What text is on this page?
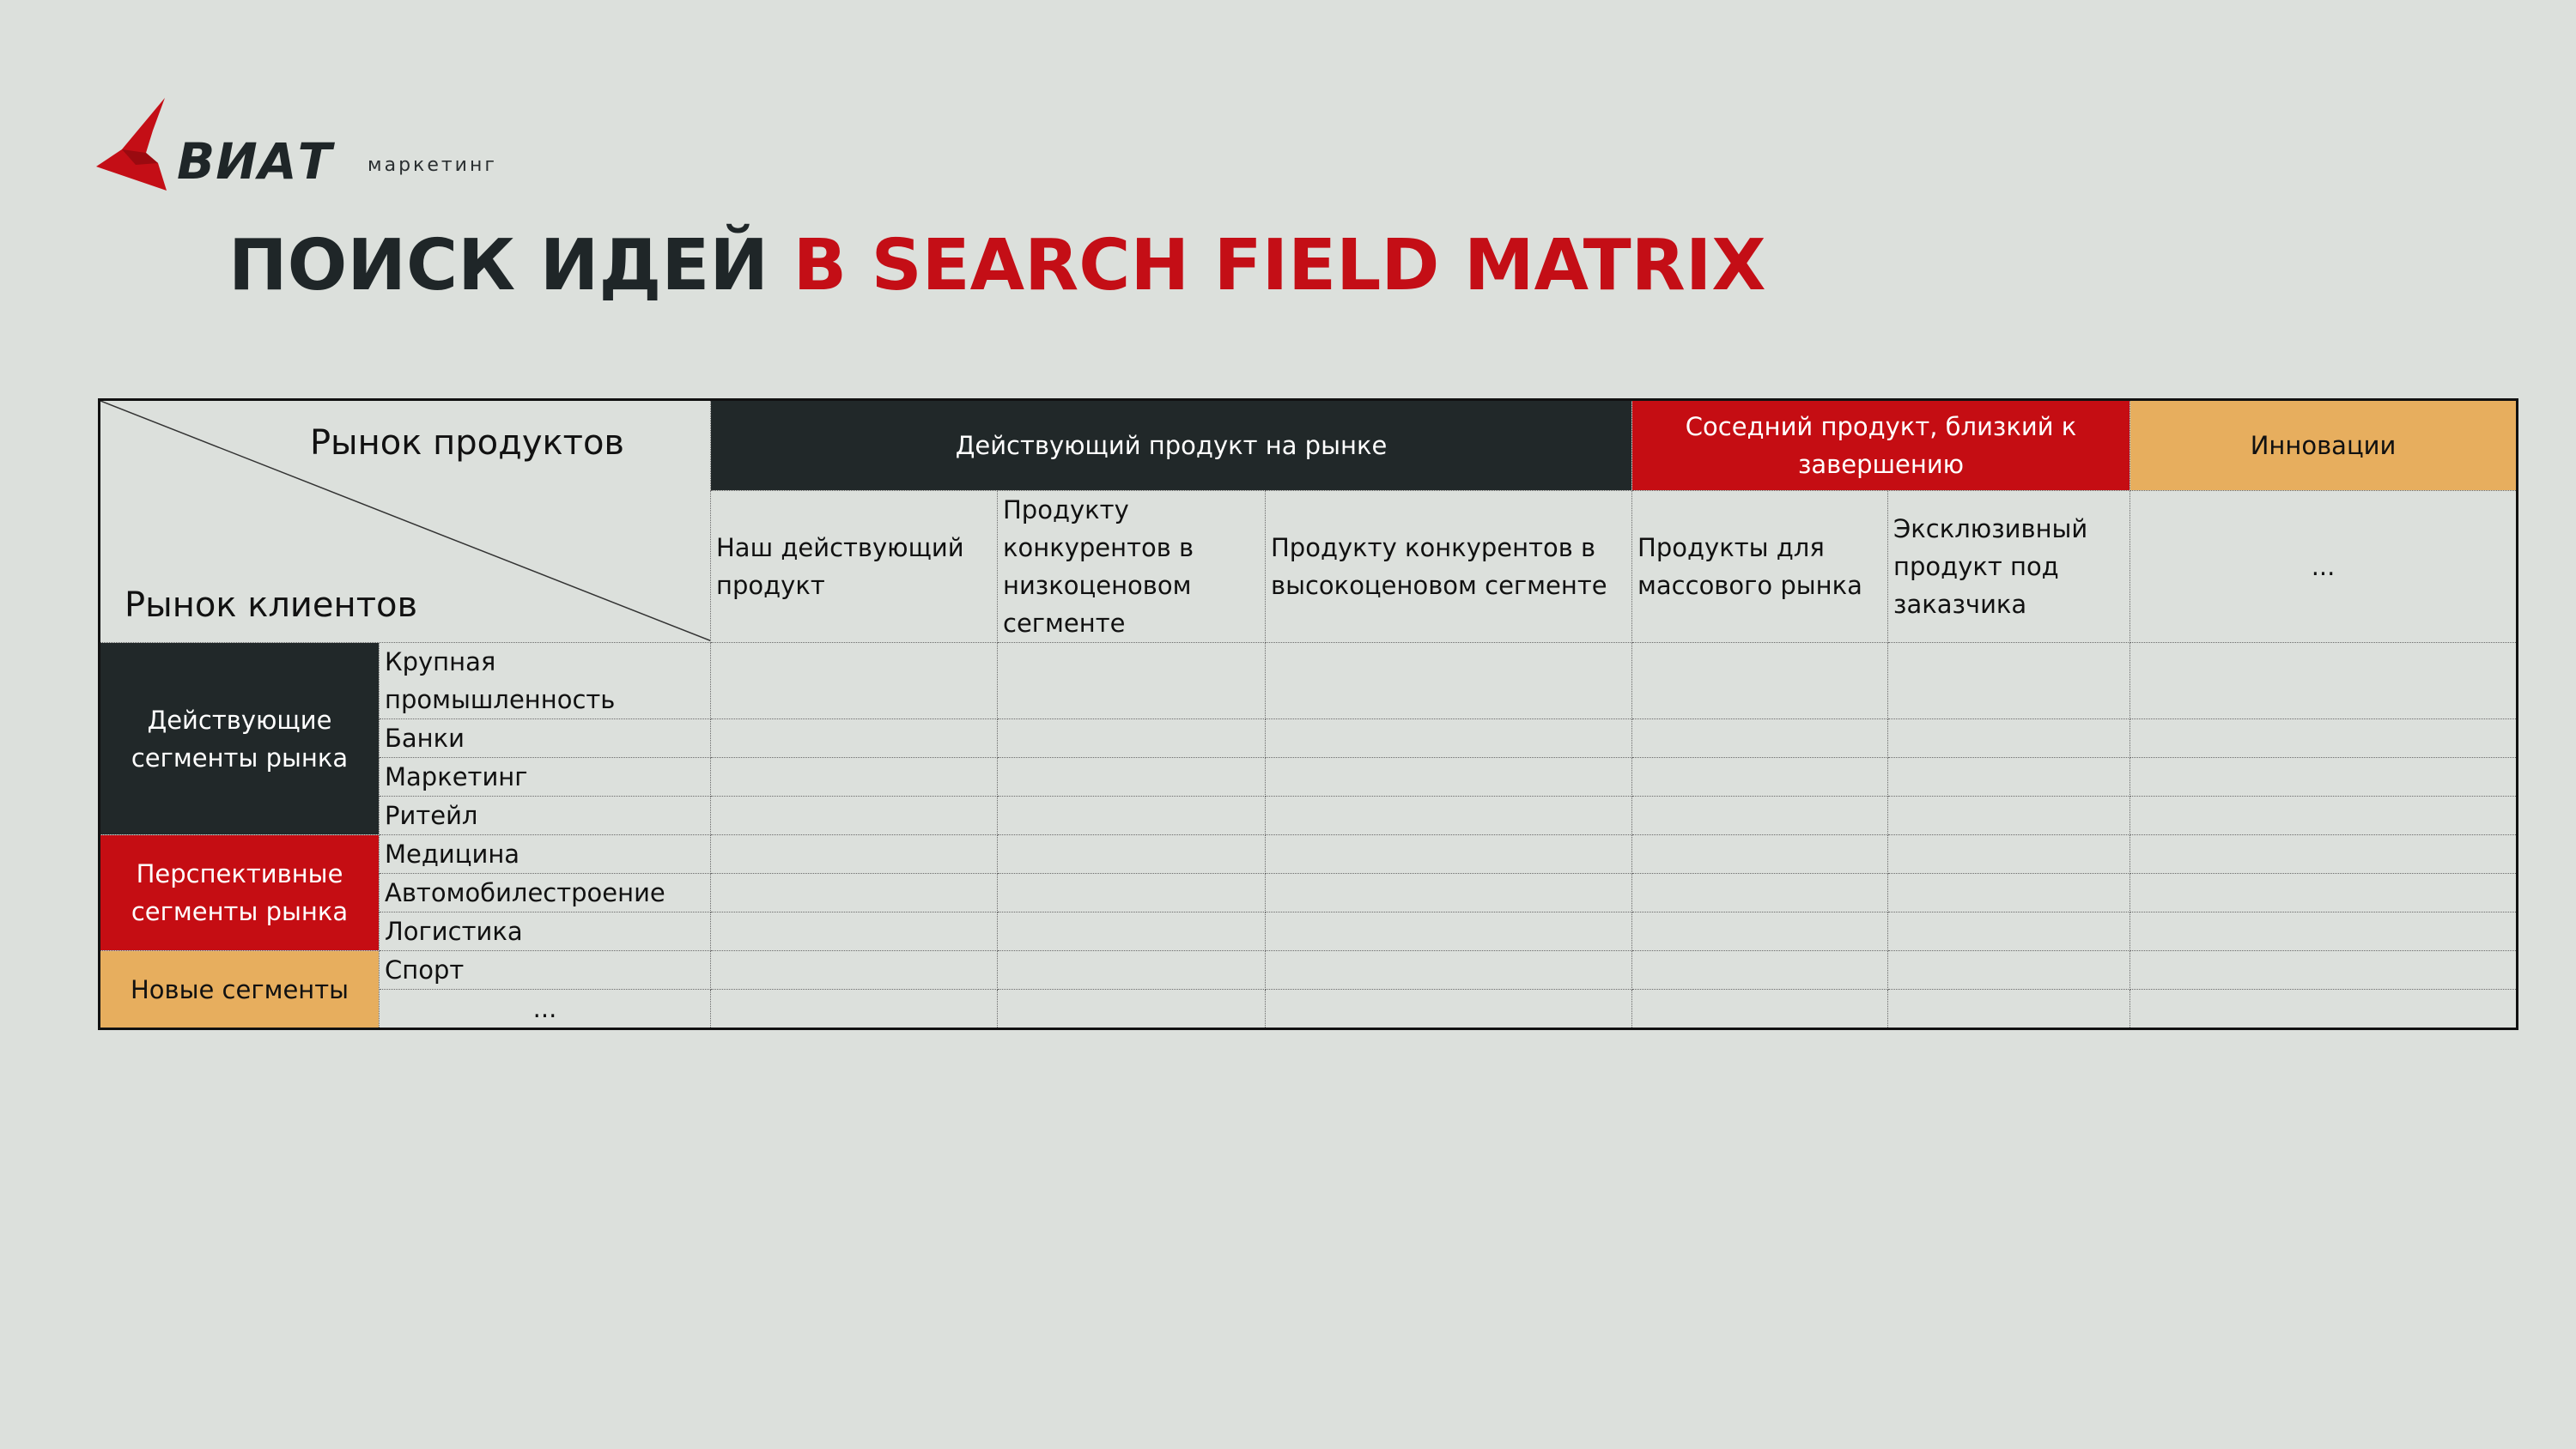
ВИАТ маркетинг
ПОИСК ИДЕЙ В SEARCH FIELD MATRIX
Рынок продуктов
Рынок клиентов		Действующий продукт на рынке			Соседний продукт, близкий к завершению		Инновации
		Наш действующий продукт	Продукту конкурентов в низкоценовом сегменте	Продукту конкурентов в высокоценовом сегменте	Продукты для массового рынка	Эксклюзивный продукт под заказчика	...
Действующие сегменты рынка	Крупная промышленность						
	Банки						
	Маркетинг						
	Ритейл						
Перспективные сегменты рынка	Медицина						
	Автомобилестроение						
	Логистика						
Новые сегменты	Спорт						
	...						
